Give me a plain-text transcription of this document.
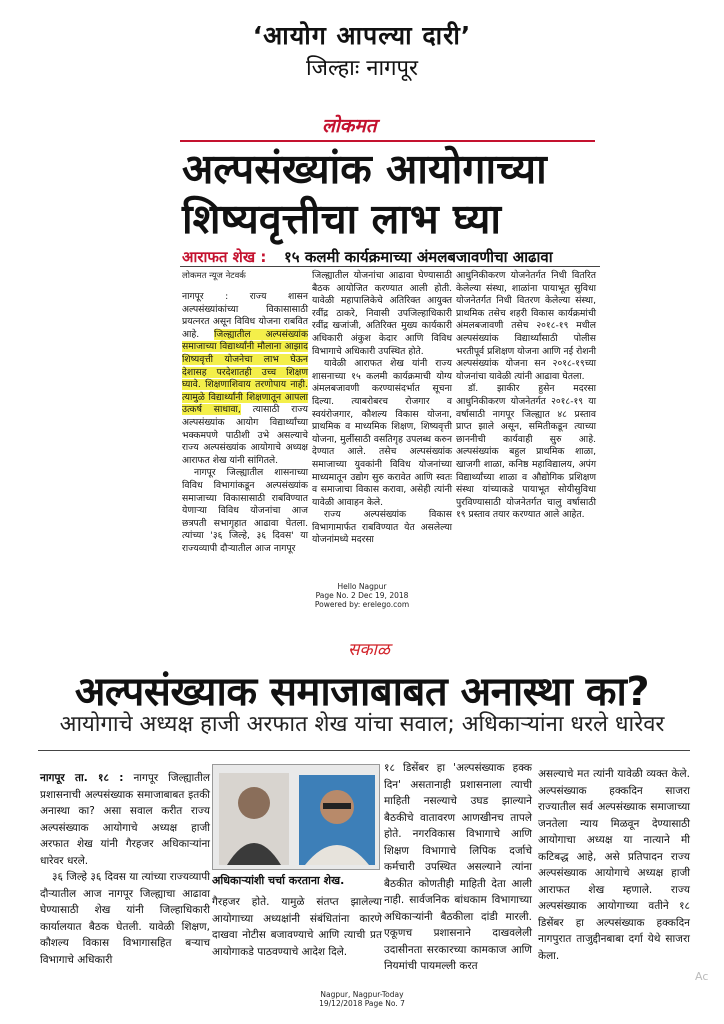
‘आयोग आपल्या दारी’
जिल्हाः नागपूर
लोकमत
अल्पसंख्यांक आयोगाच्या
शिष्यवृत्तीचा लाभ घ्या
आराफत शेख : १५ कलमी कार्यक्रमाच्या अंमलबजावणीचा आढावा
लोकमत न्यूज नेटवर्क
नागपूर : राज्य शासन अल्पसंख्यांकांच्या विकासासाठी प्रयत्नरत असून विविध योजना राबवित आहे. जिल्ह्यातील अल्पसंख्यांक समाजाच्या विद्यार्थ्यांनी मौलाना आझाद शिष्यवृत्ती योजनेचा लाभ घेऊन देशासह परदेशातही उच्च शिक्षण घ्यावे. शिक्षणाशिवाय तरणोपाय नाही. त्यामुळे विद्यार्थ्यांनी शिक्षणातून आपला उत्कर्ष साधावा, त्यासाठी राज्य अल्पसंख्यांक आयोग विद्यार्थ्यांच्या भक्कमपणे पाठीशी उभे असल्याचे राज्य अल्पसंख्यांक आयोगाचे अध्यक्ष आराफत शेख यांनी सांगितले.
नागपूर जिल्ह्यातील शासनाच्या विविध विभागांकडून अल्पसंख्यांक समाजाच्या विकासासाठी राबविण्यात येणाऱ्या विविध योजनांचा आज छत्रपती सभागृहात आढावा घेतला. त्यांच्या '३६ जिल्हे, ३६ दिवस' या राज्यव्यापी दौऱ्यातील आज नागपूर
जिल्ह्यातील योजनांचा आढावा घेण्यासाठी बैठक आयोजित करण्यात आली होती. यावेळी महापालिकेचे अतिरिक्त आयुक्त रवींद्र ठाकरे, निवासी उपजिल्हाधिकारी रवींद्र खजांजी, अतिरिक्त मुख्य कार्यकारी अधिकारी अंकुश केदार आणि विविध विभागाचे अधिकारी उपस्थित होते.
यावेळी आराफत शेख यांनी राज्य शासनाच्या १५ कलमी कार्यक्रमाची योग्य अंमलबजावणी करण्यासंदर्भात सूचना दिल्या. त्याबरोबरच रोजगार व स्वयंरोजगार, कौशल्य विकास योजना, प्राथमिक व माध्यमिक शिक्षण, शिष्यवृत्ती योजना, मुलींसाठी वसतिगृह उपलब्ध करुन देण्यात आले. तसेच अल्पसंख्यांक समाजाच्या युवकांनी विविध योजनांच्या माध्यमातून उद्योग सुरु करावेत आणि स्वतः व समाजाचा विकास करावा, असेही त्यांनी यावेळी आवाहन केले.
राज्य अल्पसंख्यांक विकास विभागामार्फत राबविण्यात येत असलेल्या योजनांमध्ये मदरसा
आधुनिकीकरण योजनेतर्गत निधी वितरित केलेल्या संस्था, शाळांना पायाभूत सुविधा योजनेतर्गत निधी वितरण केलेल्या संस्था, प्राथमिक तसेच शहरी विकास कार्यक्रमांची अंमलबजावणी तसेच २०१८-१९ मधील अल्पसंख्यांक विद्यार्थ्यांसाठी पोलीस भरतीपूर्व प्रशिक्षण योजना आणि नई रोशनी अल्पसंख्यांक योजना सन २०१८-१९च्या योजनांचा यावेळी त्यांनी आढावा घेतला.
डॉ. झाकीर हुसेन मदरसा आधुनिकीकरण योजनेतर्गत २०१८-१९ या वर्षासाठी नागपूर जिल्ह्यात ४८ प्रस्ताव प्राप्त झाले असून, समितीकडून त्याच्या छाननीची कार्यवाही सुरु आहे. अल्पसंख्यांक बहुल प्राथमिक शाळा, खाजगी शाळा, कनिष्ठ महाविद्यालय, अपंग विद्यार्थ्यांच्या शाळा व औद्योगिक प्रशिक्षण संस्था यांच्याकडे पायाभूत सोयीसुविधा पुरविण्यासाठी योजनेतर्गत चालु वर्षासाठी १९ प्रस्ताव तयार करण्यात आले आहेत.
Hello Nagpur
Page No. 2 Dec 19, 2018
Powered by: erelego.com
सकाळ
अल्पसंख्याक समाजाबाबत अनास्था का?
आयोगाचे अध्यक्ष हाजी अरफात शेख यांचा सवाल; अधिकाऱ्यांना धरले धारेवर
नागपूर ता. १८ : नागपूर जिल्ह्यातील प्रशासनाची अल्पसंख्याक समाजाबाबत इतकी अनास्था का? असा सवाल करीत राज्य अल्पसंख्याक आयोगाचे अध्यक्ष हाजी अरफात शेख यांनी गैरहजर अधिकाऱ्यांना धारेवर धरले.
३६ जिल्हे ३६ दिवस या त्यांच्या राज्यव्यापी दौऱ्यातील आज नागपूर जिल्ह्याचा आढावा घेण्यासाठी शेख यांनी जिल्हाधिकारी कार्यालयात बैठक घेतली. यावेळी शिक्षण, कौशल्य विकास विभागासहित बऱ्याच विभागाचे अधिकारी
अधिकाऱ्यांशी चर्चा करताना शेख.
गैरहजर होते. यामुळे संतप्त झालेल्या आयोगाच्या अध्यक्षांनी संबंधितांना कारणे दाखवा नोटीस बजावण्याचे आणि त्याची प्रत आयोगाकडे पाठवण्याचे आदेश दिले.
१८ डिसेंबर हा 'अल्पसंख्याक हक्क दिन' असतानाही प्रशासनाला त्याची माहिती नसल्याचे उघड झाल्याने बैठकीचे वातावरण आणखीनच तापले होते. नगरविकास विभागाचे आणि शिक्षण विभागाचे लिपिक दर्जाचे कर्मचारी उपस्थित असल्याने त्यांना बैठकीत कोणतीही माहिती देता आली नाही. सार्वजनिक बांधकाम विभागाच्या अधिकाऱ्यांनी बैठकीला दांडी मारली. एकूणच प्रशासनाने दाखवलेली उदासीनता सरकारच्या कामकाज आणि नियमांची पायमल्ली करत
असल्याचे मत त्यांनी यावेळी व्यक्त केले. अल्पसंख्याक हक्कदिन साजरा राज्यातील सर्व अल्पसंख्याक समाजाच्या जनतेला न्याय मिळवून देण्यासाठी आयोगाचा अध्यक्ष या नात्याने मी कटिबद्ध आहे, असे प्रतिपादन राज्य अल्पसंख्याक आयोगाचे अध्यक्ष हाजी आराफत शेख म्हणाले. राज्य अल्पसंख्याक आयोगाच्या वतीने १८ डिसेंबर हा अल्पसंख्याक हक्कदिन नागपुरात ताजुद्दीनबाबा दर्गा येथे साजरा केला.
Nagpur, Nagpur-Today
19/12/2018 Page No. 7
Ac
